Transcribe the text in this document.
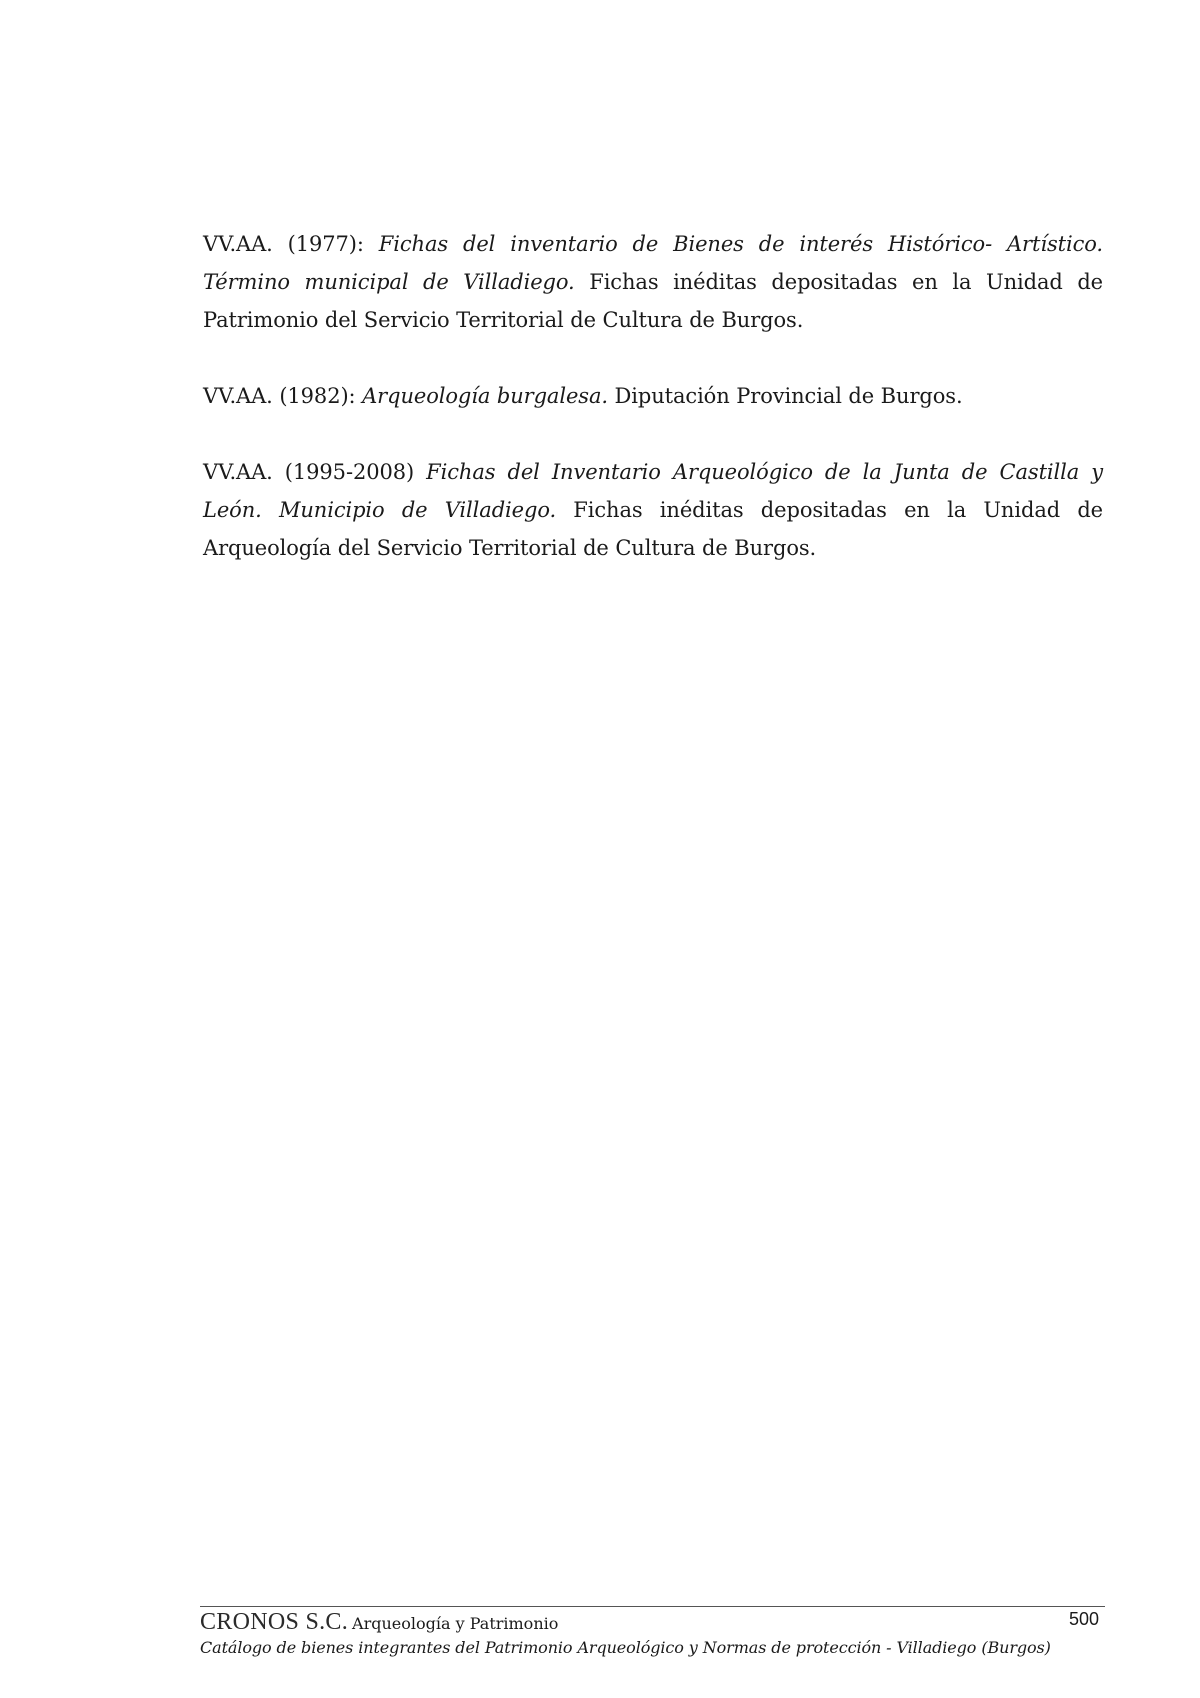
VV.AA. (1977): Fichas del inventario de Bienes de interés Histórico- Artístico. Término municipal de Villadiego. Fichas inéditas depositadas en la Unidad de Patrimonio del Servicio Territorial de Cultura de Burgos.

VV.AA. (1982): Arqueología burgalesa. Diputación Provincial de Burgos.

VV.AA. (1995-2008) Fichas del Inventario Arqueológico de la Junta de Castilla y León. Municipio de Villadiego. Fichas inéditas depositadas en la Unidad de Arqueología del Servicio Territorial de Cultura de Burgos.

CRONOS S.C. Arqueología y Patrimonio	500
Catálogo de bienes integrantes del Patrimonio Arqueológico y Normas de protección - Villadiego (Burgos)
